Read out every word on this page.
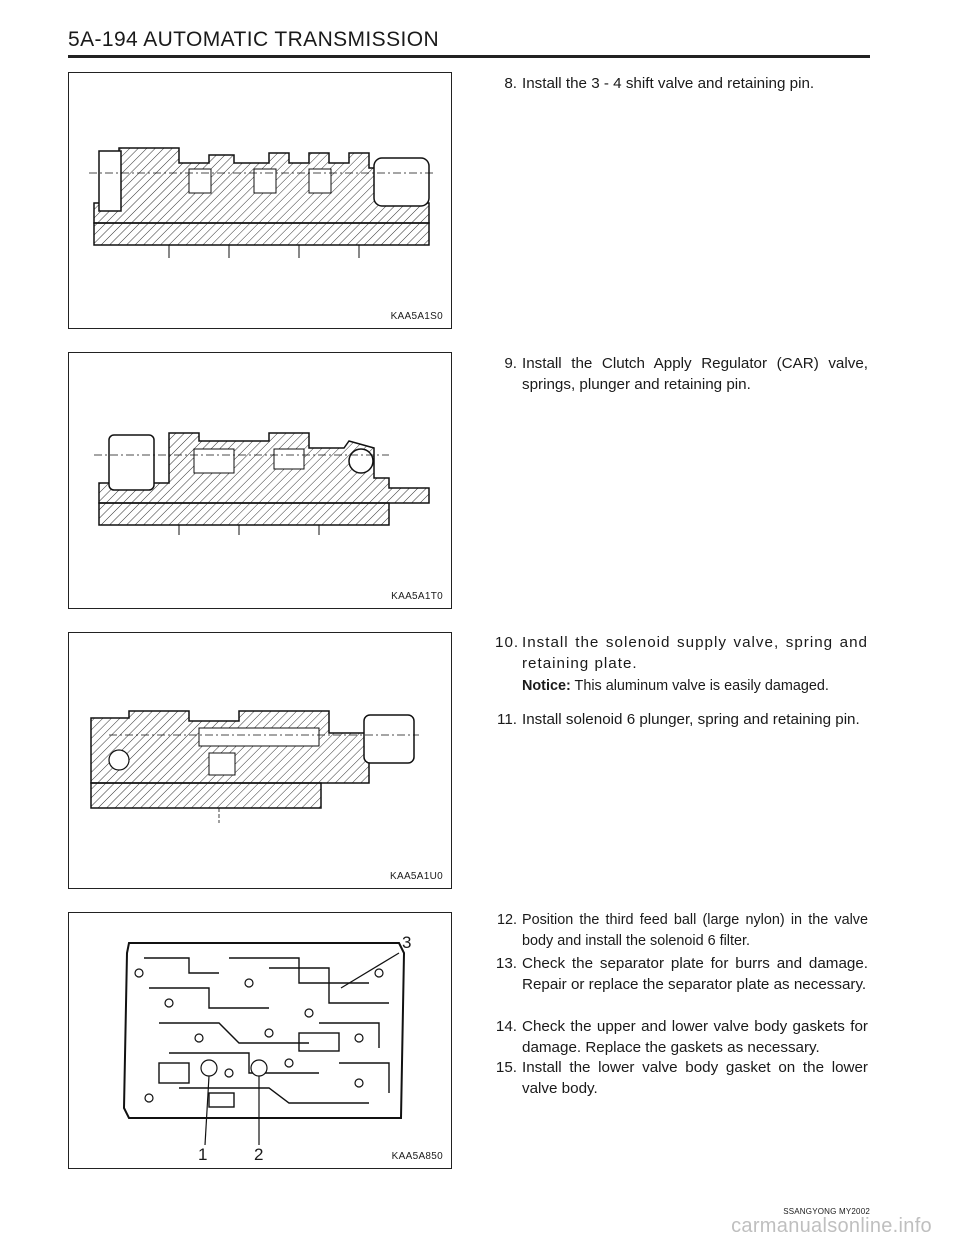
5A-194 AUTOMATIC TRANSMISSION
KAA5A1S0
KAA5A1T0
KAA5A1U0
3
1	2	KAA5A850
8. Install the 3 - 4 shift valve and retaining pin.
9. Install the Clutch Apply Regulator (CAR) valve, springs, plunger and retaining pin.
10. Install the solenoid supply valve, spring and retaining plate.
Notice: This aluminum valve is easily damaged.
11. Install solenoid 6 plunger, spring and retaining pin.
12. Position the third feed ball (large nylon) in the valve body and install the solenoid 6 filter.
13. Check the separator plate for burrs and damage. Repair or replace the separator plate as necessary.
14. Check the upper and lower valve body gaskets for damage. Replace the gaskets as necessary.
15. Install the lower valve body gasket on the lower valve body.
SSANGYONG MY2002
carmanualsonline.info
